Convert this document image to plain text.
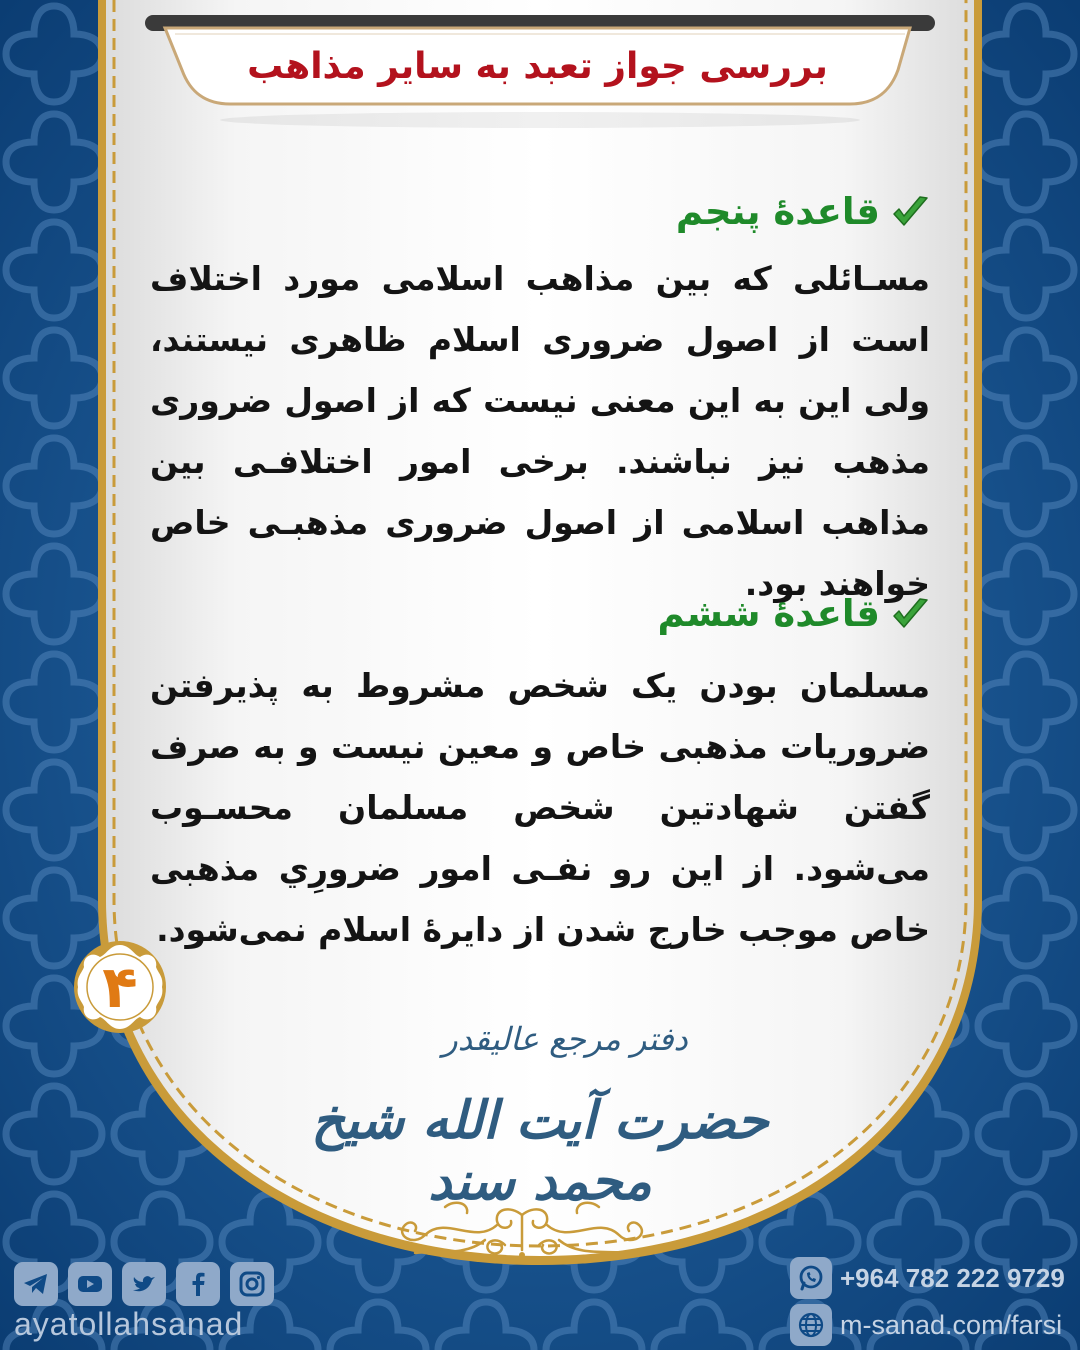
بررسی جواز تعبد به سایر مذاهب
قاعدۀ پنجم
مسـائلی که بین مذاهب اسلامی مورد اختلاف است از اصول ضروری اسلام ظاهری نیستند، ولی این به این معنی نیست که از اصول ضروری مذهب نیز نباشند. برخی امور اختلافـی بین مذاهب اسلامی از اصول ضروری مذهبـی خاص خواهند بود.
قاعدۀ ششم
مسلمان بودن یک شخص مشروط به پذیرفتن ضروریات مذهبی خاص و معین نیست و به صرف گفتن شهادتین شخص مسلمان محسـوب می‌شود. از این رو نفـی امور ضرورِي مذهبی خاص موجب خارج شدن از دایرۀ اسلام نمی‌شود.
۴
دفتر مرجع عالیقدر
حضرت آیت الله شیخ محمد سند
ayatollahsanad
+964 782 222 9729
m-sanad.com/farsi
